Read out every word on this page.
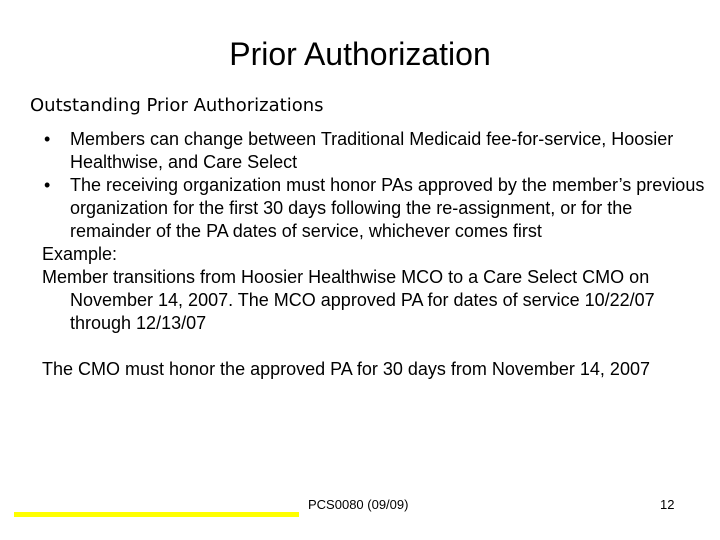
Prior Authorization
Outstanding Prior Authorizations
• Members can change between Traditional Medicaid fee-for-service, Hoosier Healthwise, and Care Select
• The receiving organization must honor PAs approved by the member’s previous organization for the first 30 days following the re-assignment, or for the remainder of the PA dates of service, whichever comes first

Example:

Member transitions from Hoosier Healthwise MCO to a Care Select CMO on November 14, 2007. The MCO approved PA for dates of service 10/22/07 through 12/13/07

The CMO must honor the approved PA for 30 days from November 14, 2007

PCS0080 (09/09)	12
